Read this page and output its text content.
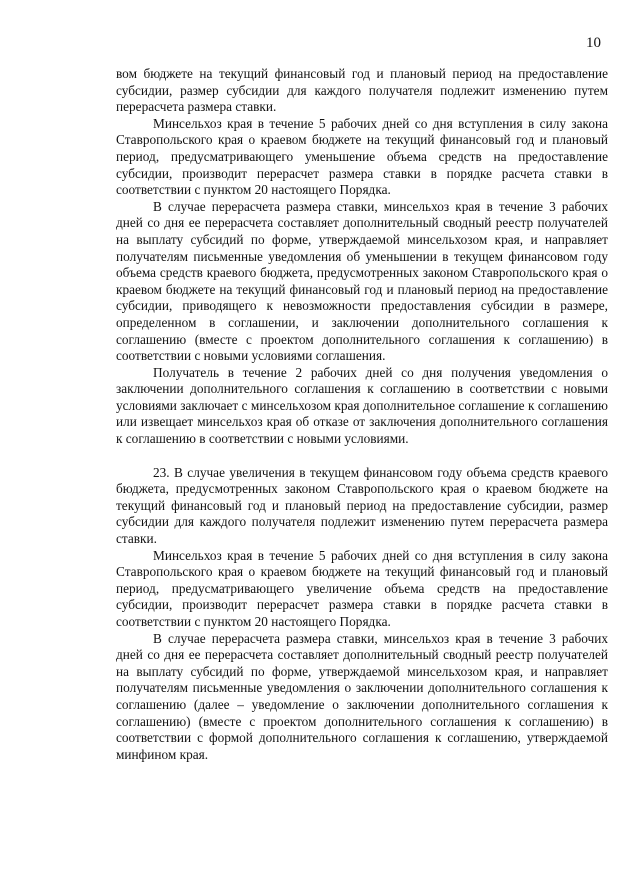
10

вом бюджете на текущий финансовый год и плановый период на предоставление субсидии, размер субсидии для каждого получателя подлежит изменению путем перерасчета размера ставки.

Минсельхоз края в течение 5 рабочих дней со дня вступления в силу закона Ставропольского края о краевом бюджете на текущий финансовый год и плановый период, предусматривающего уменьшение объема средств на предоставление субсидии, производит перерасчет размера ставки в порядке расчета ставки в соответствии с пунктом 20 настоящего Порядка.

В случае перерасчета размера ставки, минсельхоз края в течение 3 рабочих дней со дня ее перерасчета составляет дополнительный сводный реестр получателей на выплату субсидий по форме, утверждаемой минсельхозом края, и направляет получателям письменные уведомления об уменьшении в текущем финансовом году объема средств краевого бюджета, предусмотренных законом Ставропольского края о краевом бюджете на текущий финансовый год и плановый период на предоставление субсидии, приводящего к невозможности предоставления субсидии в размере, определенном в соглашении, и заключении дополнительного соглашения к соглашению (вместе с проектом дополнительного соглашения к соглашению) в соответствии с новыми условиями соглашения.

Получатель в течение 2 рабочих дней со дня получения уведомления о заключении дополнительного соглашения к соглашению в соответствии с новыми условиями заключает с минсельхозом края дополнительное соглашение к соглашению или извещает минсельхоз края об отказе от заключения дополнительного соглашения к соглашению в соответствии с новыми условиями.

23. В случае увеличения в текущем финансовом году объема средств краевого бюджета, предусмотренных законом Ставропольского края о краевом бюджете на текущий финансовый год и плановый период на предоставление субсидии, размер субсидии для каждого получателя подлежит изменению путем перерасчета размера ставки.

Минсельхоз края в течение 5 рабочих дней со дня вступления в силу закона Ставропольского края о краевом бюджете на текущий финансовый год и плановый период, предусматривающего увеличение объема средств на предоставление субсидии, производит перерасчет размера ставки в порядке расчета ставки в соответствии с пунктом 20 настоящего Порядка.

В случае перерасчета размера ставки, минсельхоз края в течение 3 рабочих дней со дня ее перерасчета составляет дополнительный сводный реестр получателей на выплату субсидий по форме, утверждаемой минсельхозом края, и направляет получателям письменные уведомления о заключении дополнительного соглашения к соглашению (далее – уведомление о заключении дополнительного соглашения к соглашению) (вместе с проектом дополнительного соглашения к соглашению) в соответствии с формой дополнительного соглашения к соглашению, утверждаемой минфином края.
